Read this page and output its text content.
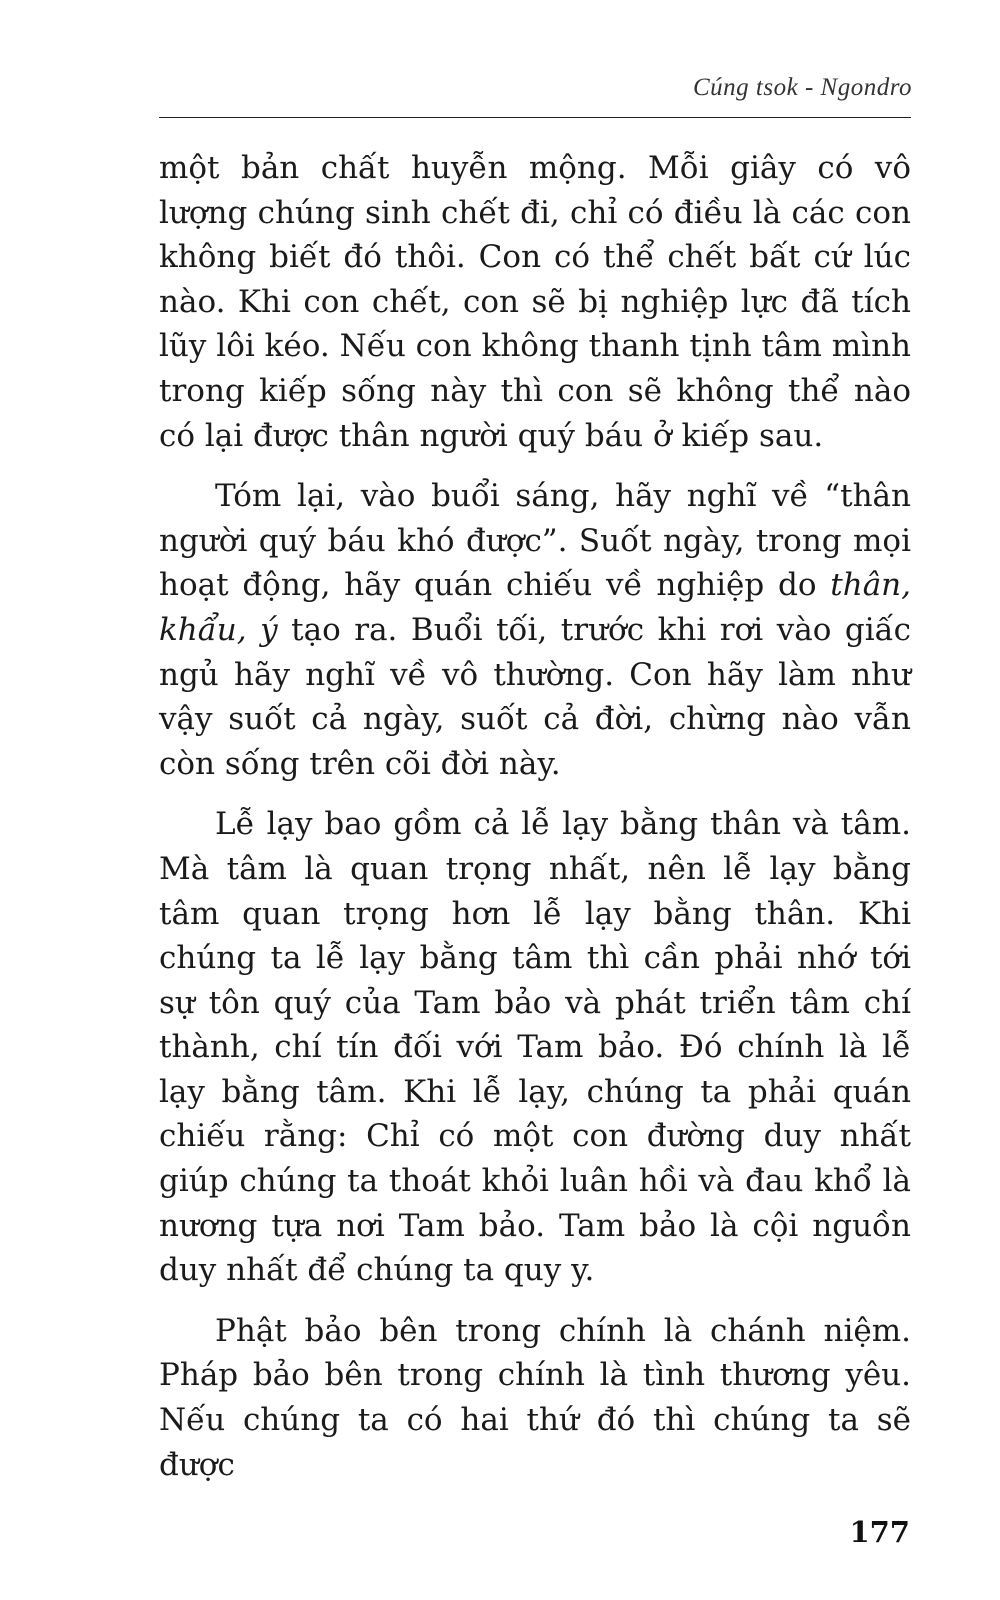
Cúng tsok - Ngondro

một bản chất huyễn mộng. Mỗi giây có vô lượng chúng sinh chết đi, chỉ có điều là các con không biết đó thôi. Con có thể chết bất cứ lúc nào. Khi con chết, con sẽ bị nghiệp lực đã tích lũy lôi kéo. Nếu con không thanh tịnh tâm mình trong kiếp sống này thì con sẽ không thể nào có lại được thân người quý báu ở kiếp sau.

Tóm lại, vào buổi sáng, hãy nghĩ về “thân người quý báu khó được”. Suốt ngày, trong mọi hoạt động, hãy quán chiếu về nghiệp do thân, khẩu, ý tạo ra. Buổi tối, trước khi rơi vào giấc ngủ hãy nghĩ về vô thường. Con hãy làm như vậy suốt cả ngày, suốt cả đời, chừng nào vẫn còn sống trên cõi đời này.

Lễ lạy bao gồm cả lễ lạy bằng thân và tâm. Mà tâm là quan trọng nhất, nên lễ lạy bằng tâm quan trọng hơn lễ lạy bằng thân. Khi chúng ta lễ lạy bằng tâm thì cần phải nhớ tới sự tôn quý của Tam bảo và phát triển tâm chí thành, chí tín đối với Tam bảo. Đó chính là lễ lạy bằng tâm. Khi lễ lạy, chúng ta phải quán chiếu rằng: Chỉ có một con đường duy nhất giúp chúng ta thoát khỏi luân hồi và đau khổ là nương tựa nơi Tam bảo. Tam bảo là cội nguồn duy nhất để chúng ta quy y.

Phật bảo bên trong chính là chánh niệm. Pháp bảo bên trong chính là tình thương yêu. Nếu chúng ta có hai thứ đó thì chúng ta sẽ được

177
